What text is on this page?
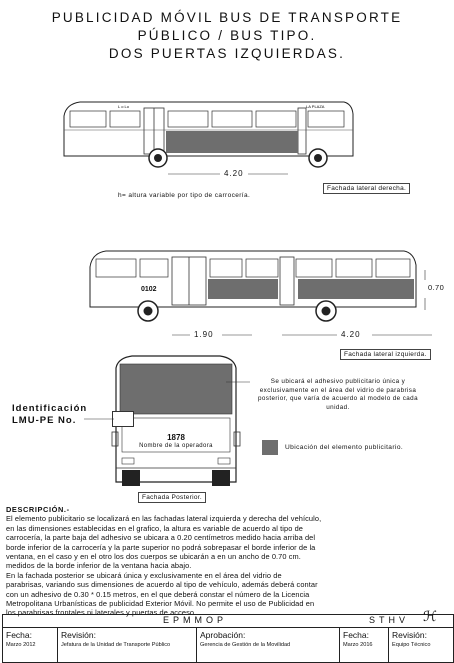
PUBLICIDAD MÓVIL BUS DE TRANSPORTE
PÚBLICO / BUS TIPO.
DOS PUERTAS IZQUIERDAS.
L o Lo	LA PLAZA
4.20
h= altura variable por tipo de carrocería.
Fachada lateral derecha.
0102	0.70
1.90	4.20
Fachada lateral izquierda.
1878
Nombre de la operadora
Fachada Posterior.
Identificación
LMU-PE No.
Se ubicará el adhesivo publicitario única y exclusivamente en el área del vidrio de parabrisa posterior, que varía de acuerdo al modelo de cada unidad.
Ubicación del elemento publicitario.

DESCRIPCIÓN.-

El elemento publicitario se localizará en las fachadas lateral izquierda y derecha del vehículo,

en las dimensiones establecidas en el grafico, la altura es variable de acuerdo al tipo de

carrocería, la parte baja del adhesivo se ubicara a 0.20 centímetros medido hacia arriba del

borde inferior de la carrocería y la parte superior no podrá sobrepasar el borde inferior de la

ventana, en el caso y en el otro los dos cuerpos se ubicarán a en un ancho de 0.70 cm.

medidos de la borde inferior de la ventana hacia abajo.

En la fachada posterior se ubicará única y exclusivamente en el área del vidrio de

parabrisas, variando sus dimensiones de acuerdo al tipo de vehículo, además deberá contar

con un adhesivo de 0.30 * 0.15 metros, en el que deberá constar el número de la Licencia

Metropolitana Urbanísticas de publicidad Exterior Móvil. No permite el uso de Publicidad en

los parabrisas frontales ni laterales y puertas de acceso.

EPMMOP	STHV ℋ
Fecha:
Marzo 2012
Revisión:
Jefatura de la Unidad de Transporte Público
Aprobación:
Gerencia de Gestión de la Movilidad
Fecha:
Marzo 2016
Revisión:
Equipo Técnico
